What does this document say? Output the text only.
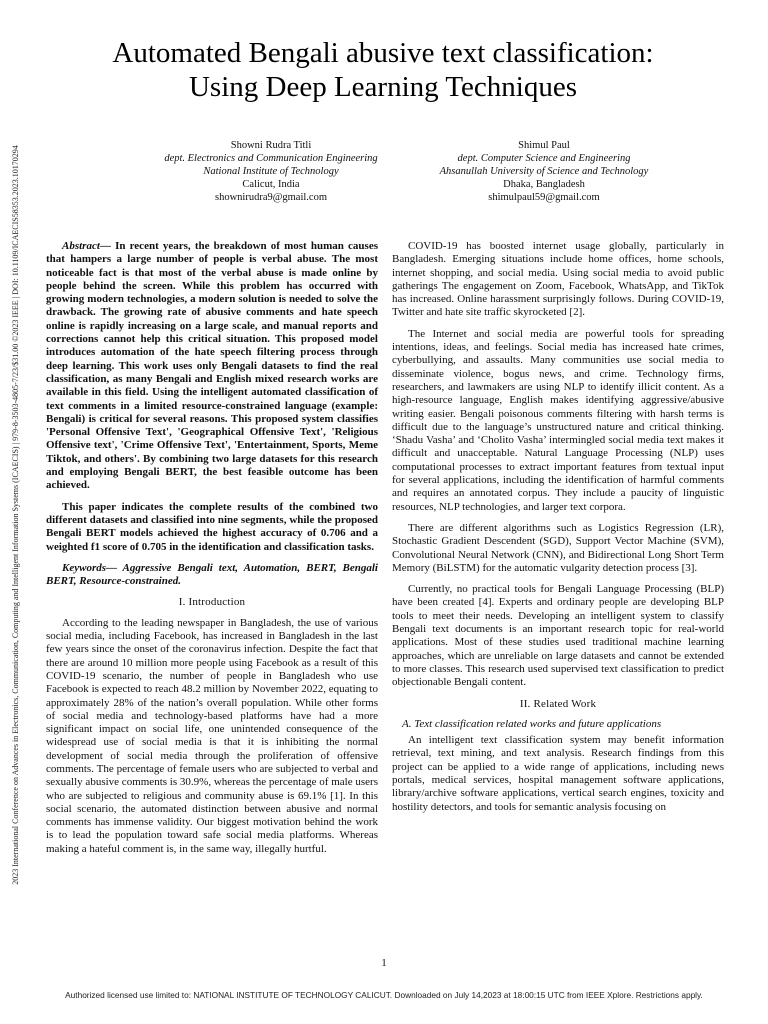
2023 International Conference on Advances in Electronics, Communication, Computing and Intelligent Information Systems (ICAECIS) | 979-8-3503-4805-7/23/$31.00 ©2023 IEEE | DOI: 10.1109/ICAECIS58353.2023.10170294
Automated Bengali abusive text classification:
Using Deep Learning Techniques
Showni Rudra Titli
dept. Electronics and Communication Engineering
National Institute of Technology
Calicut, India
shownirudra9@gmail.com
Shimul Paul
dept. Computer Science and Engineering
Ahsanullah University of Science and Technology
Dhaka, Bangladesh
shimulpaul59@gmail.com

Abstract— In recent years, the breakdown of most human causes that hampers a large number of people is verbal abuse. The most noticeable fact is that most of the verbal abuse is made online by people behind the screen. While this problem has occurred with growing modern technologies, a modern solution is needed to solve the drawback. The growing rate of abusive comments and hate speech online is rapidly increasing on a large scale, and manual reports and corrections cannot help this critical situation. This proposed model introduces automation of the hate speech filtering process through deep learning. This work uses only Bengali datasets to find the real classification, as many Bengali and English mixed research works are available in this field. Using the intelligent automated classification of text comments in a limited resource-constrained language (example: Bengali) is critical for several reasons. This proposed system classifies 'Personal Offensive Text', 'Geographical Offensive Text', 'Religious Offensive text', 'Crime Offensive Text', 'Entertainment, Sports, Meme Tiktok, and others'. By combining two large datasets for this research and employing Bengali BERT, the best feasible outcome has been achieved.

This paper indicates the complete results of the combined two different datasets and classified into nine segments, while the proposed Bengali BERT models achieved the highest accuracy of 0.706 and a weighted f1 score of 0.705 in the identification and classification tasks.

Keywords— Aggressive Bengali text, Automation, BERT, Bengali BERT, Resource-constrained.

I. Introduction

According to the leading newspaper in Bangladesh, the use of various social media, including Facebook, has increased in Bangladesh in the last few years since the onset of the coronavirus infection. Despite the fact that there are around 10 million more people using Facebook as a result of this COVID-19 scenario, the number of people in Bangladesh who use Facebook is expected to reach 48.2 million by November 2022, equating to approximately 28% of the nation’s overall population. While other forms of social media and technology-based platforms have had a more significant impact on social life, one unintended consequence of the widespread use of social media is that it is inhibiting the normal development of social media through the proliferation of offensive comments. The percentage of female users who are subjected to verbal and sexually abusive comments is 30.9%, whereas the percentage of male users who are subjected to religious and community abuse is 69.1% [1]. In this social scenario, the automated distinction between abusive and normal comments has immense validity. Our biggest motivation behind the work is to lead the population toward safe social media platforms. Whereas making a hateful comment is, in the same way, illegally hurtful.

COVID-19 has boosted internet usage globally, particularly in Bangladesh. Emerging situations include home offices, home schools, internet shopping, and social media. Using social media to avoid public gatherings The engagement on Zoom, Facebook, WhatsApp, and TikTok has increased. Online harassment surprisingly follows. During COVID-19, Twitter and hate site traffic skyrocketed [2].

The Internet and social media are powerful tools for spreading intentions, ideas, and feelings. Social media has increased hate crimes, cyberbullying, and assaults. Many communities use social media to disseminate violence, bogus news, and crime. Technology firms, researchers, and lawmakers are using NLP to identify illicit content. As a high-resource language, English makes identifying aggressive/abusive writing easier. Bengali poisonous comments filtering with harsh terms is difficult due to the language’s unstructured nature and critical thinking. ‘Shadu Vasha’ and ‘Cholito Vasha’ intermingled social media text makes it difficult and unacceptable. Natural Language Processing (NLP) uses computational processes to extract important features from textual input for several applications, including the identification of harmful comments and requires an annotated corpus. They include a paucity of linguistic resources, NLP technologies, and larger text corpora.

There are different algorithms such as Logistics Regression (LR), Stochastic Gradient Descendent (SGD), Support Vector Machine (SVM), Convolutional Neural Network (CNN), and Bidirectional Long Short Term Memory (BiLSTM) for the automatic vulgarity detection process [3].

Currently, no practical tools for Bengali Language Processing (BLP) have been created [4]. Experts and ordinary people are developing BLP tools to meet their needs. Developing an intelligent system to classify Bengali text documents is an important research topic for real-world applications. Most of these studies used traditional machine learning approaches, which are unreliable on large datasets and cannot be extended to more classes. This research used supervised text classification to predict objectionable Bengali content.

II. Related Work
A. Text classification related works and future applications

An intelligent text classification system may benefit information retrieval, text mining, and text analysis. Research findings from this project can be applied to a wide range of applications, including news portals, medical services, hospital management software applications, library/archive software applications, vertical search engines, toxicity and hostility detectors, and tools for semantic analysis focusing on

1
Authorized licensed use limited to: NATIONAL INSTITUTE OF TECHNOLOGY CALICUT. Downloaded on July 14,2023 at 18:00:15 UTC from IEEE Xplore. Restrictions apply.
